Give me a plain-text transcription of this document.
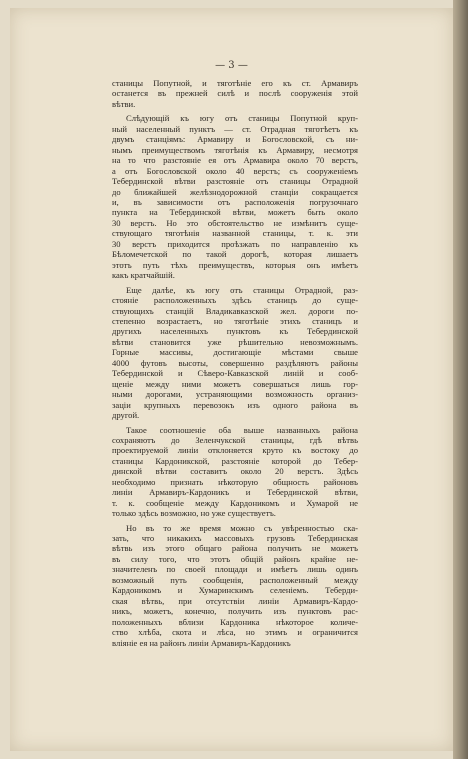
— 3 —
станицы Попутной, и тяготѣніе его къ ст. Армавиръ
останется въ прежней силѣ и послѣ сооруженія этой
вѣтви.
Слѣдующій къ югу отъ станицы Попутной круп-
ный населенный пунктъ — ст. Отрадная тяготѣетъ къ
двумъ станціямъ: Армавиру и Богословской, съ ни-
нымъ преимуществомъ тяготѣнія къ Армавиру, несмотря
на то что разстояніе ея отъ Армавира около 70 верстъ,
а отъ Богословской около 40 верстъ; съ сооруженіемъ
Тебердинской вѣтви разстояніе отъ станицы Отрадной
до ближайшей желѣзнодорожной станціи сокращается
и, въ зависимости отъ расположенія погрузочнаго
пункта на Тебердинской вѣтви, можетъ быть около
30 верстъ. Но это обстоятельство не измѣнитъ суще-
ствующаго тяготѣнія названной станицы, т. к. эти
30 верстъ приходится проѣзжать по направленію къ
Бѣломечетской по такой дорогѣ, которая лишаетъ
этотъ путь тѣхъ преимуществъ, которыя онъ имѣетъ
какъ кратчайшій.
Еще далѣе, къ югу отъ станицы Отрадной, раз-
стояніе расположенныхъ здѣсь станицъ до суще-
ствующихъ станцій Владикавказской жел. дороги по-
степенно возрастаетъ, но тяготѣніе этихъ станицъ и
другихъ населенныхъ пунктовъ къ Тебердинской
вѣтви становится уже рѣшительно невозможнымъ.
Горные массивы, достигающіе мѣстами свыше
4000 футовъ высоты, совершенно раздѣляютъ районы
Тебердинской и Сѣверо-Кавказской линій и сооб-
щеніе между ними можетъ совершаться лишь гор-
ными дорогами, устраняющими возможность организ-
заціи крупныхъ перевозокъ изъ одного района въ
другой.
Такое соотношеніе оба выше названныхъ района
сохраняютъ до Зеленчукской станицы, гдѣ вѣтвь
проектируемой линіи отклоняется круто къ востоку до
станицы Кардоникской, разстояніе которой до Тебер-
динской вѣтви составитъ около 20 верстъ. Здѣсь
необходимо признать нѣкоторую общность районовъ
линіи Армавиръ-Кардоникъ и Тебердинской вѣтви,
т. к. сообщеніе между Кардоникомъ и Хумарой не
только здѣсь возможно, но уже существуетъ.
Но въ то же время можно съ увѣренностью ска-
зать, что никакихъ массовыхъ грузовъ Тебердинская
вѣтвь изъ этого общаго района получить не можетъ
въ силу того, что этотъ общій районъ крайне не-
значителенъ по своей площади и имѣетъ лишь одинъ
возможный путь сообщенія, расположенный между
Кардоникомъ и Хумаринскимъ селеніемъ. Теберди-
ская вѣтвь, при отсутствіи линіи Армавиръ-Кардо-
никъ, можетъ, конечно, получить изъ пунктовъ рас-
положенныхъ вблизи Кардоника нѣкоторое количе-
ство хлѣба, скота и лѣса, но этимъ и ограничится
вліяніе ея на районъ линіи Армавиръ-Кардоникъ
